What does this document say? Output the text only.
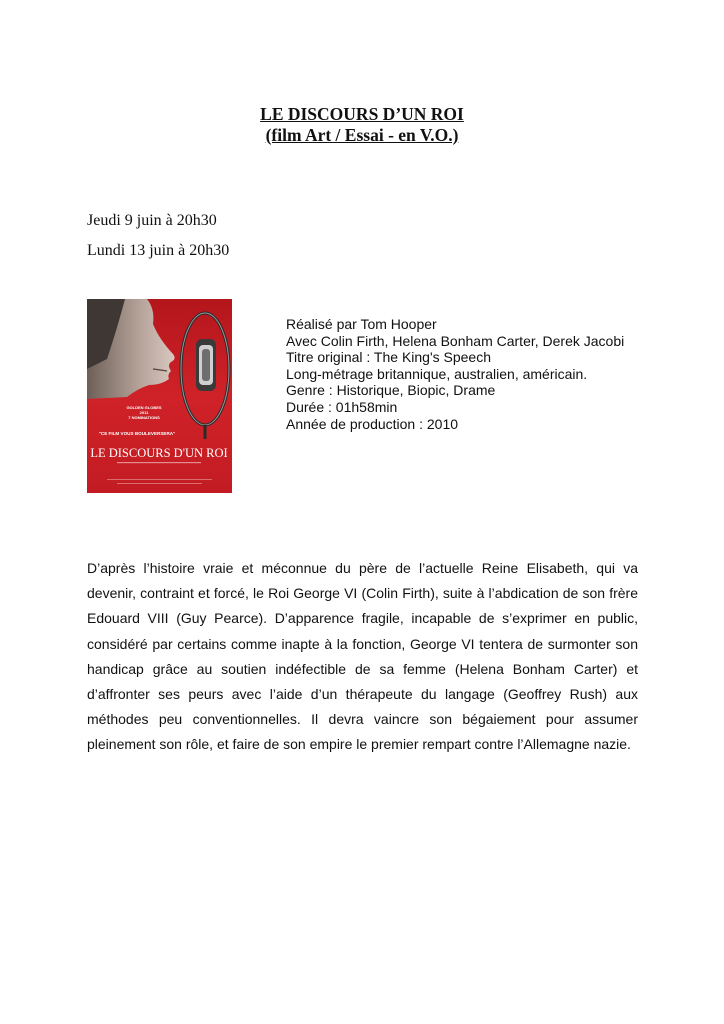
LE DISCOURS D’UN ROI
(film Art / Essai - en V.O.)
Jeudi 9 juin à 20h30
Lundi 13 juin à 20h30
GOLDEN GLOBES
2011
7 NOMINATIONS
"CE FILM VOUS BOULEVERSERA"
LE DISCOURS D'UN ROI
Réalisé par Tom Hooper
Avec Colin Firth, Helena Bonham Carter, Derek Jacobi
Titre original : The King's Speech
Long-métrage britannique, australien, américain.
Genre : Historique, Biopic, Drame
Durée : 01h58min
Année de production : 2010
D’après l’histoire vraie et méconnue du père de l’actuelle Reine Elisabeth, qui va devenir, contraint et forcé, le Roi George VI (Colin Firth), suite à l’abdication de son frère Edouard VIII (Guy Pearce). D’apparence fragile, incapable de s’exprimer en public, considéré par certains comme inapte à la fonction, George VI tentera de surmonter son handicap grâce au soutien indéfectible de sa femme (Helena Bonham Carter) et d’affronter ses peurs avec l’aide d’un thérapeute du langage (Geoffrey Rush) aux méthodes peu conventionnelles. Il devra vaincre son bégaiement pour assumer pleinement son rôle, et faire de son empire le premier rempart contre l’Allemagne nazie.
